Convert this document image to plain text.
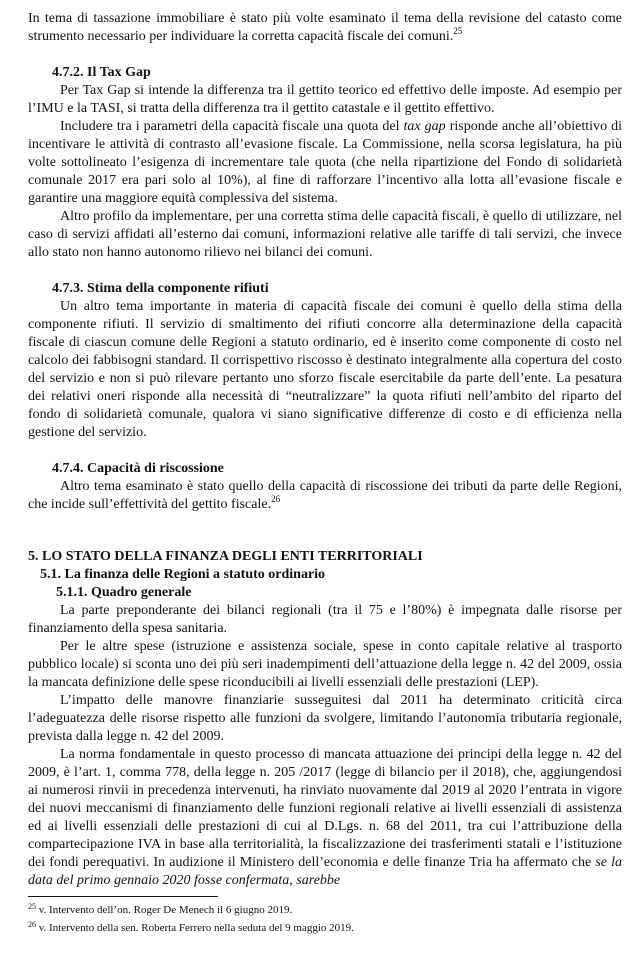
In tema di tassazione immobiliare è stato più volte esaminato il tema della revisione del catasto come strumento necessario per individuare la corretta capacità fiscale dei comuni.$^{25}$

4.7.2. Il Tax Gap

Per Tax Gap si intende la differenza tra il gettito teorico ed effettivo delle imposte. Ad esempio per l’IMU e la TASI, si tratta della differenza tra il gettito catastale e il gettito effettivo.

Includere tra i parametri della capacità fiscale una quota del tax gap risponde anche all’obiettivo di incentivare le attività di contrasto all’evasione fiscale. La Commissione, nella scorsa legislatura, ha più volte sottolineato l’esigenza di incrementare tale quota (che nella ripartizione del Fondo di solidarietà comunale 2017 era pari solo al 10%), al fine di rafforzare l’incentivo alla lotta all’evasione fiscale e garantire una maggiore equità complessiva del sistema.

Altro profilo da implementare, per una corretta stima delle capacità fiscali, è quello di utilizzare, nel caso di servizi affidati all’esterno dai comuni, informazioni relative alle tariffe di tali servizi, che invece allo stato non hanno autonomo rilievo nei bilanci dei comuni.

4.7.3. Stima della componente rifiuti

Un altro tema importante in materia di capacità fiscale dei comuni è quello della stima della componente rifiuti. Il servizio di smaltimento dei rifiuti concorre alla determinazione della capacità fiscale di ciascun comune delle Regioni a statuto ordinario, ed è inserito come componente di costo nel calcolo dei fabbisogni standard. Il corrispettivo riscosso è destinato integralmente alla copertura del costo del servizio e non si può rilevare pertanto uno sforzo fiscale esercitabile da parte dell’ente. La pesatura dei relativi oneri risponde alla necessità di “neutralizzare” la quota rifiuti nell’ambito del riparto del fondo di solidarietà comunale, qualora vi siano significative differenze di costo e di efficienza nella gestione del servizio.

4.7.4. Capacità di riscossione

Altro tema esaminato è stato quello della capacità di riscossione dei tributi da parte delle Regioni, che incide sull’effettività del gettito fiscale.$^{26}$

5. LO STATO DELLA FINANZA DEGLI ENTI TERRITORIALI

5.1. La finanza delle Regioni a statuto ordinario

5.1.1. Quadro generale

La parte preponderante dei bilanci regionali (tra il 75 e l’80%) è impegnata dalle risorse per finanziamento della spesa sanitaria.

Per le altre spese (istruzione e assistenza sociale, spese in conto capitale relative al trasporto pubblico locale) si sconta uno dei più seri inadempimenti dell’attuazione della legge n. 42 del 2009, ossia la mancata definizione delle spese riconducibili ai livelli essenziali delle prestazioni (LEP).

L’impatto delle manovre finanziarie susseguitesi dal 2011 ha determinato criticità circa l’adeguatezza delle risorse rispetto alle funzioni da svolgere, limitando l’autonomia tributaria regionale, prevista dalla legge n. 42 del 2009.

La norma fondamentale in questo processo di mancata attuazione dei principi della legge n. 42 del 2009, è l’art. 1, comma 778, della legge n. 205 /2017 (legge di bilancio per il 2018), che, aggiungendosi ai numerosi rinvii in precedenza intervenuti, ha rinviato nuovamente dal 2019 al 2020 l’entrata in vigore dei nuovi meccanismi di finanziamento delle funzioni regionali relative ai livelli essenziali di assistenza ed ai livelli essenziali delle prestazioni di cui al D.Lgs. n. 68 del 2011, tra cui l’attribuzione della compartecipazione IVA in base alla territorialità, la fiscalizzazione dei trasferimenti statali e l’istituzione dei fondi perequativi. In audizione il Ministero dell’economia e delle finanze Tria ha affermato che se la data del primo gennaio 2020 fosse confermata, sarebbe

$^{25}$ v. Intervento dell’on. Roger De Menech il 6 giugno 2019.
$^{26}$ v. Intervento della sen. Roberta Ferrero nella seduta del 9 maggio 2019.
